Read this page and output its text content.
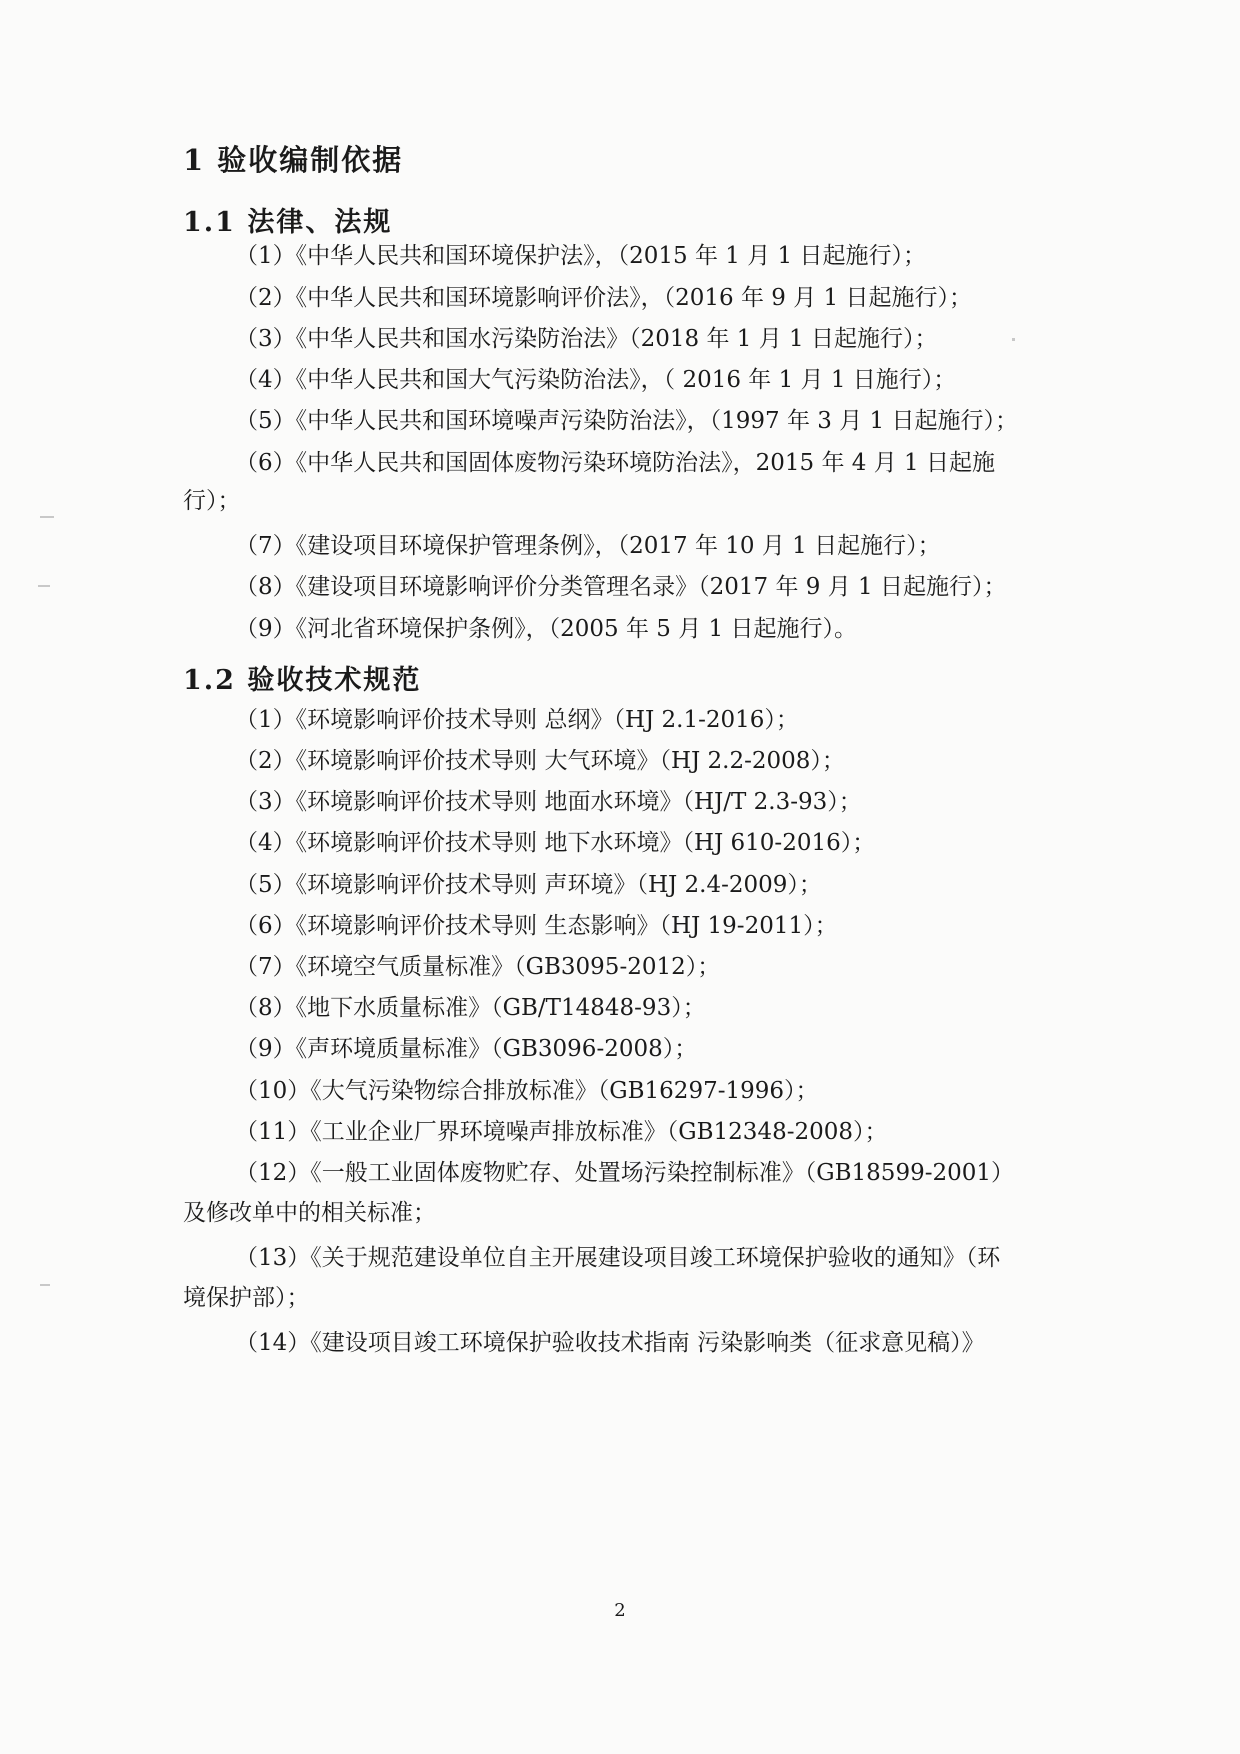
1 验收编制依据
1.1 法律、法规
（1）《中华人民共和国环境保护法》，（2015 年 1 月 1 日起施行）；
（2）《中华人民共和国环境影响评价法》，（2016 年 9 月 1 日起施行）；
（3）《中华人民共和国水污染防治法》（2018 年 1 月 1 日起施行）；
（4）《中华人民共和国大气污染防治法》，（ 2016 年 1 月 1 日施行）；
（5）《中华人民共和国环境噪声污染防治法》，（1997 年 3 月 1 日起施行）；
（6）《中华人民共和国固体废物污染环境防治法》，2015 年 4 月 1 日起施
行）；
（7）《建设项目环境保护管理条例》，（2017 年 10 月 1 日起施行）；
（8）《建设项目环境影响评价分类管理名录》（2017 年 9 月 1 日起施行）；
（9）《河北省环境保护条例》，（2005 年 5 月 1 日起施行）。
1.2 验收技术规范
（1）《环境影响评价技术导则 总纲》（HJ 2.1-2016）；
（2）《环境影响评价技术导则 大气环境》（HJ 2.2-2008）；
（3）《环境影响评价技术导则 地面水环境》（HJ/T 2.3-93）；
（4）《环境影响评价技术导则 地下水环境》（HJ 610-2016）；
（5）《环境影响评价技术导则 声环境》（HJ 2.4-2009）；
（6）《环境影响评价技术导则 生态影响》（HJ 19-2011）；
（7）《环境空气质量标准》（GB3095-2012）；
（8）《地下水质量标准》（GB/T14848-93）；
（9）《声环境质量标准》（GB3096-2008）；
（10）《大气污染物综合排放标准》（GB16297-1996）；
（11）《工业企业厂界环境噪声排放标准》（GB12348-2008）；
（12）《一般工业固体废物贮存、处置场污染控制标准》（GB18599-2001）
及修改单中的相关标准；
（13）《关于规范建设单位自主开展建设项目竣工环境保护验收的通知》（环
境保护部）；
（14）《建设项目竣工环境保护验收技术指南 污染影响类（征求意见稿）》
2
